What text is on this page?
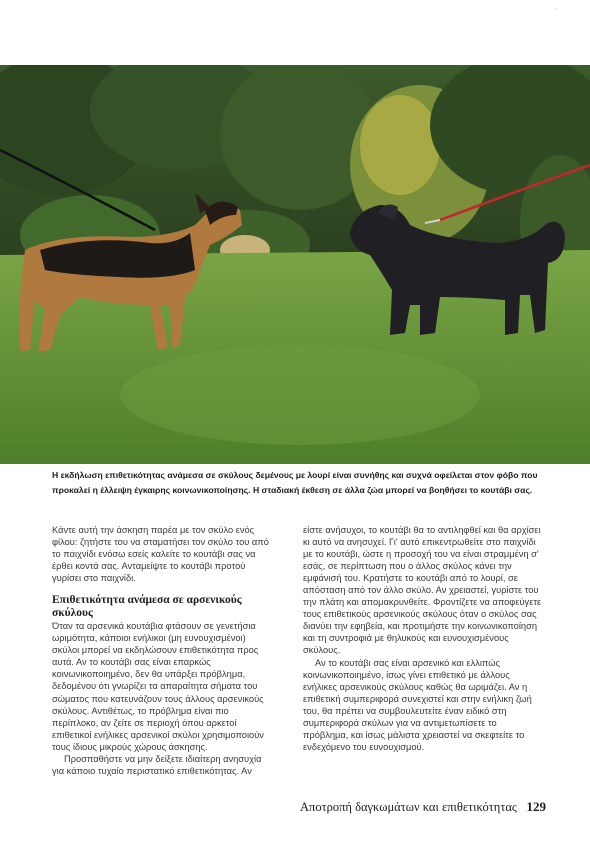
·
Η εκδήλωση επιθετικότητας ανάμεσα σε σκύλους δεμένους με λουρί είναι συνήθης και συχνά οφείλεται στον φόβο που προκαλεί η έλλειψη έγκαιρης κοινωνικοποίησης. Η σταδιακή έκθεση σε άλλα ζώα μπορεί να βοηθήσει το κουτάβι σας.

Κάντε αυτή την άσκηση παρέα με τον σκύλο ενός φίλου: ζητήστε του να σταματήσει τον σκύλο του από το παιχνίδι ενόσω εσείς καλείτε το κουτάβι σας να έρθει κοντά σας. Ανταμείψτε το κουτάβι πρoτού γυρίσει στο παιχνίδι.

Επιθετικότητα ανάμεσα σε αρσενικούς σκύλους

Όταν τα αρσενικά κουτάβια φτάσουν σε γενετήσια ωριμότητα, κάποιοι ενήλικοι (μη ευνουχισμένοι) σκύλοι μπορεί να εκδηλώσουν επιθετικότητα προς αυτά. Αν το κουτάβι σας είναι επαρκώς κοινωνικοποιημένο, δεν θα υπάρξει πρόβλημα, δεδομένου ότι γνωρίζει τα απαραίτητα σήματα του σώματος που κατευνάζουν τους άλλους αρσενικούς σκύλους. Αντιθέτως, το πρόβλημα είναι πιο περίπλοκο, αν ζείτε σε περιοχή όπου αρκετοί επιθετικοί ενήλικες αρσενικοί σκύλοι χρησιμοποιούν τους ίδιους μικρούς χώρους άσκησης.

Προσπαθήστε να μην δείξετε ιδιαίτερη ανησυχία για κάποιο τυχαίο περιστατικό επιθετικότητας. Αν

είστε ανήσυχοι, το κουτάβι θα το αντιληφθεί και θα αρχίσει κι αυτό να ανησυχεί. Γι' αυτό επικεντρωθείτε στο παιχνίδι με το κουτάβι, ώστε η προσοχή του να είναι στραμμένη σ' εσάς, σε περίπτωση που ο άλλος σκύλος κάνει την εμφάνισή του. Κρατήστε το κουτάβι από το λουρί, σε απόσταση από τον άλλο σκύλο. Αν χρειαστεί, γυρίστε του την πλάτη και απομακρυνθείτε. Φροντίζετε να αποφεύγετε τους επιθετικούς αρσενικούς σκύλους όταν ο σκύλος σας διανύει την εφηβεία, και προτιμήστε την κοινωνικοποίηση και τη συντροφιά με θηλυκούς και ευνουχισμένους σκύλους.

Αν το κουτάβι σας είναι αρσενικό και ελλιπώς κοινωνικοποιημένο, ίσως γίνει επιθετικό με άλλους ενήλικες αρσενικούς σκύλους καθώς θα ωριμάζει. Αν η επιθετική συμπεριφορά συνεχιστεί και στην ενήλικη ζωή του, θα πρέπει να συμβουλευτείτε έναν ειδικό στη συμπεριφορά σκύλων για να αντιμετωπίσετε το πρόβλημα, και ίσως μάλιστα χρειαστεί να σκεφτείτε το ενδεχόμενο του ευνουχισμού.

Αποτροπή δαγκωμάτων και επιθετικότητας 129
